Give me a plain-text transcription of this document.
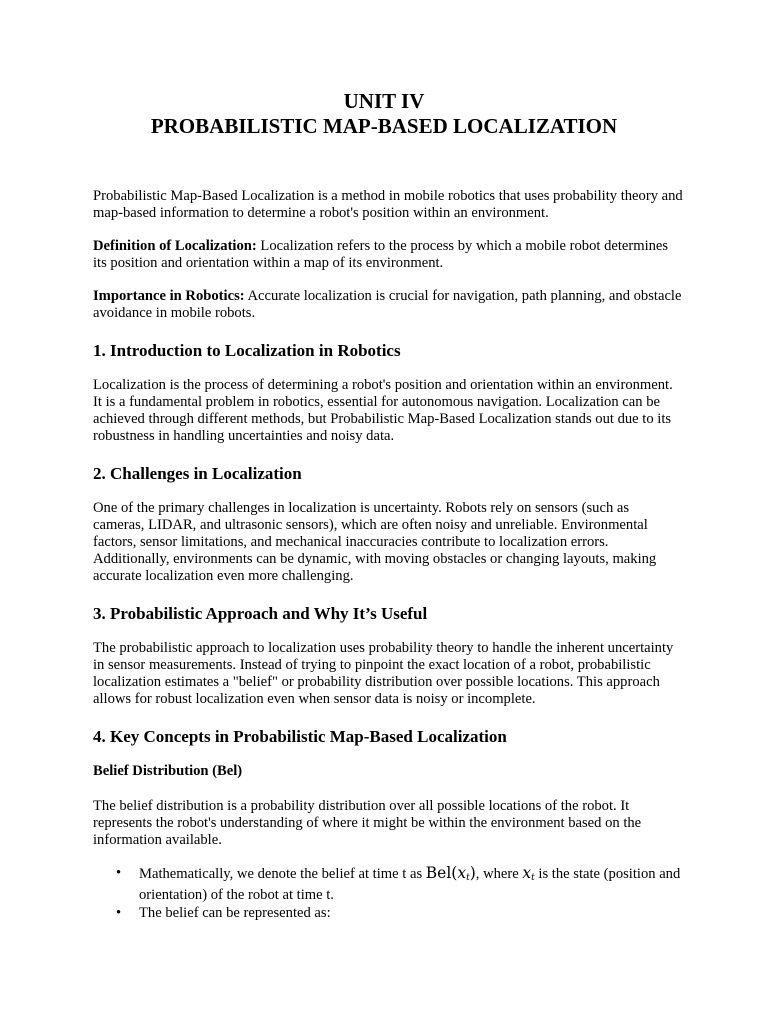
UNIT IV
PROBABILISTIC MAP-BASED LOCALIZATION

Probabilistic Map-Based Localization is a method in mobile robotics that uses probability theory and map-based information to determine a robot's position within an environment.

Definition of Localization: Localization refers to the process by which a mobile robot determines its position and orientation within a map of its environment.

Importance in Robotics: Accurate localization is crucial for navigation, path planning, and obstacle avoidance in mobile robots.

1. Introduction to Localization in Robotics

Localization is the process of determining a robot's position and orientation within an environment. It is a fundamental problem in robotics, essential for autonomous navigation. Localization can be achieved through different methods, but Probabilistic Map-Based Localization stands out due to its robustness in handling uncertainties and noisy data.

2. Challenges in Localization

One of the primary challenges in localization is uncertainty. Robots rely on sensors (such as cameras, LIDAR, and ultrasonic sensors), which are often noisy and unreliable. Environmental factors, sensor limitations, and mechanical inaccuracies contribute to localization errors. Additionally, environments can be dynamic, with moving obstacles or changing layouts, making accurate localization even more challenging.

3. Probabilistic Approach and Why It’s Useful

The probabilistic approach to localization uses probability theory to handle the inherent uncertainty in sensor measurements. Instead of trying to pinpoint the exact location of a robot, probabilistic localization estimates a "belief" or probability distribution over possible locations. This approach allows for robust localization even when sensor data is noisy or incomplete.

4. Key Concepts in Probabilistic Map-Based Localization
Belief Distribution (Bel)

The belief distribution is a probability distribution over all possible locations of the robot. It represents the robot's understanding of where it might be within the environment based on the information available.

• Mathematically, we denote the belief at time t as $Bel(x_t)$, where $x_t$ is the state (position and orientation) of the robot at time t.
• The belief can be represented as:
